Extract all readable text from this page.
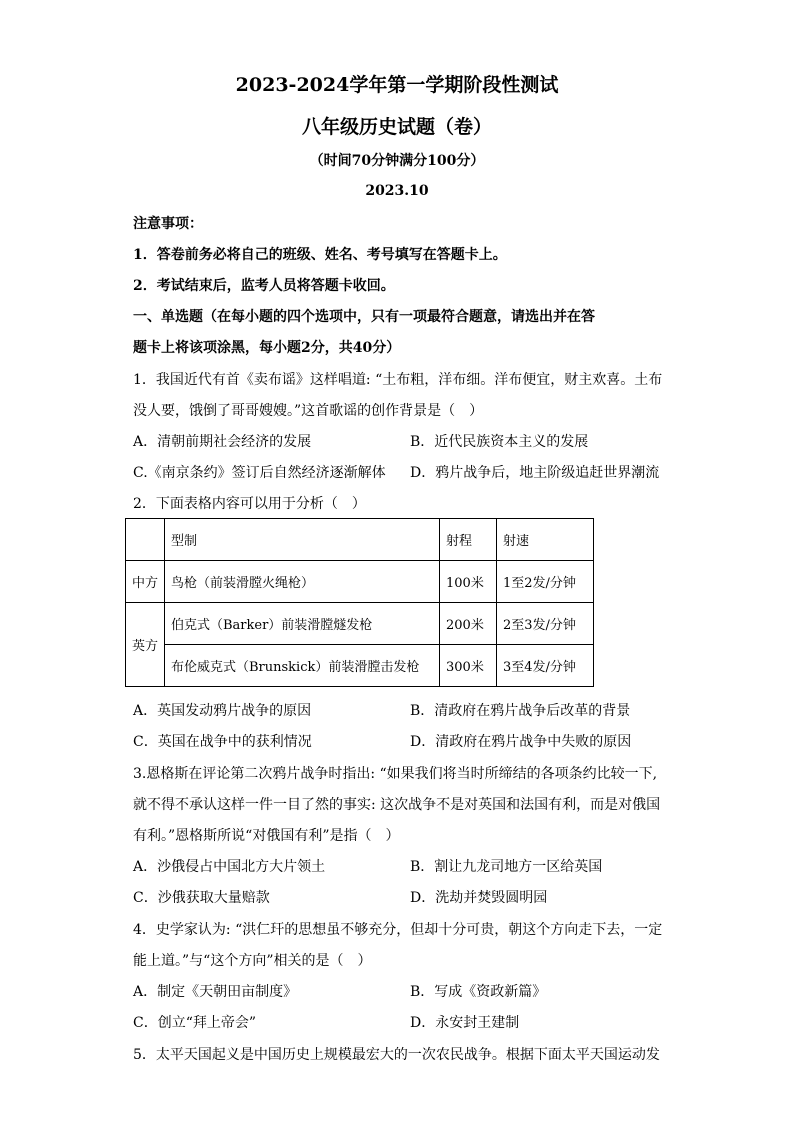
2023-2024学年第一学期阶段性测试
八年级历史试题（卷）
（时间70分钟满分100分）
2023.10
注意事项：
1．答卷前务必将自己的班级、姓名、考号填写在答题卡上。
2．考试结束后，监考人员将答题卡收回。
一、单选题（在每小题的四个选项中，只有一项最符合题意，请选出并在答
题卡上将该项涂黑，每小题2分，共40分）
1．我国近代有首《卖布谣》这样唱道: “土布粗，洋布细。洋布便宜，财主欢喜。土布
没人要，饿倒了哥哥嫂嫂。”这首歌谣的创作背景是（　）
A．清朝前期社会经济的发展	B．近代民族资本主义的发展
C.《南京条约》签订后自然经济逐渐解体 D．鸦片战争后，地主阶级追赶世界潮流
2．下面表格内容可以用于分析（　）
	型制	射程	射速
中方	鸟枪（前装滑膛火绳枪）	100米	1至2发/分钟
英方	伯克式（Barker）前装滑膛燧发枪	200米	2至3发/分钟
	布伦威克式（Brunskick）前装滑膛击发枪	300米	3至4发/分钟
A．英国发动鸦片战争的原因	B．清政府在鸦片战争后改革的背景
C．英国在战争中的获利情况	D．清政府在鸦片战争中失败的原因
3.恩格斯在评论第二次鸦片战争时指出: “如果我们将当时所缔结的各项条约比较一下,
就不得不承认这样一件一目了然的事实: 这次战争不是对英国和法国有利，而是对俄国
有利。”恩格斯所说“对俄国有利”是指（　）
A．沙俄侵占中国北方大片领土	B．割让九龙司地方一区给英国
C．沙俄获取大量赔款	D．洗劫并焚毁圆明园
4．史学家认为: “洪仁玕的思想虽不够充分，但却十分可贵，朝这个方向走下去，一定
能上道。”与“这个方向”相关的是（　）
A．制定《天朝田亩制度》	B．写成《资政新篇》
C．创立“拜上帝会”	D．永安封王建制
5．太平天国起义是中国历史上规模最宏大的一次农民战争。根据下面太平天国运动发
